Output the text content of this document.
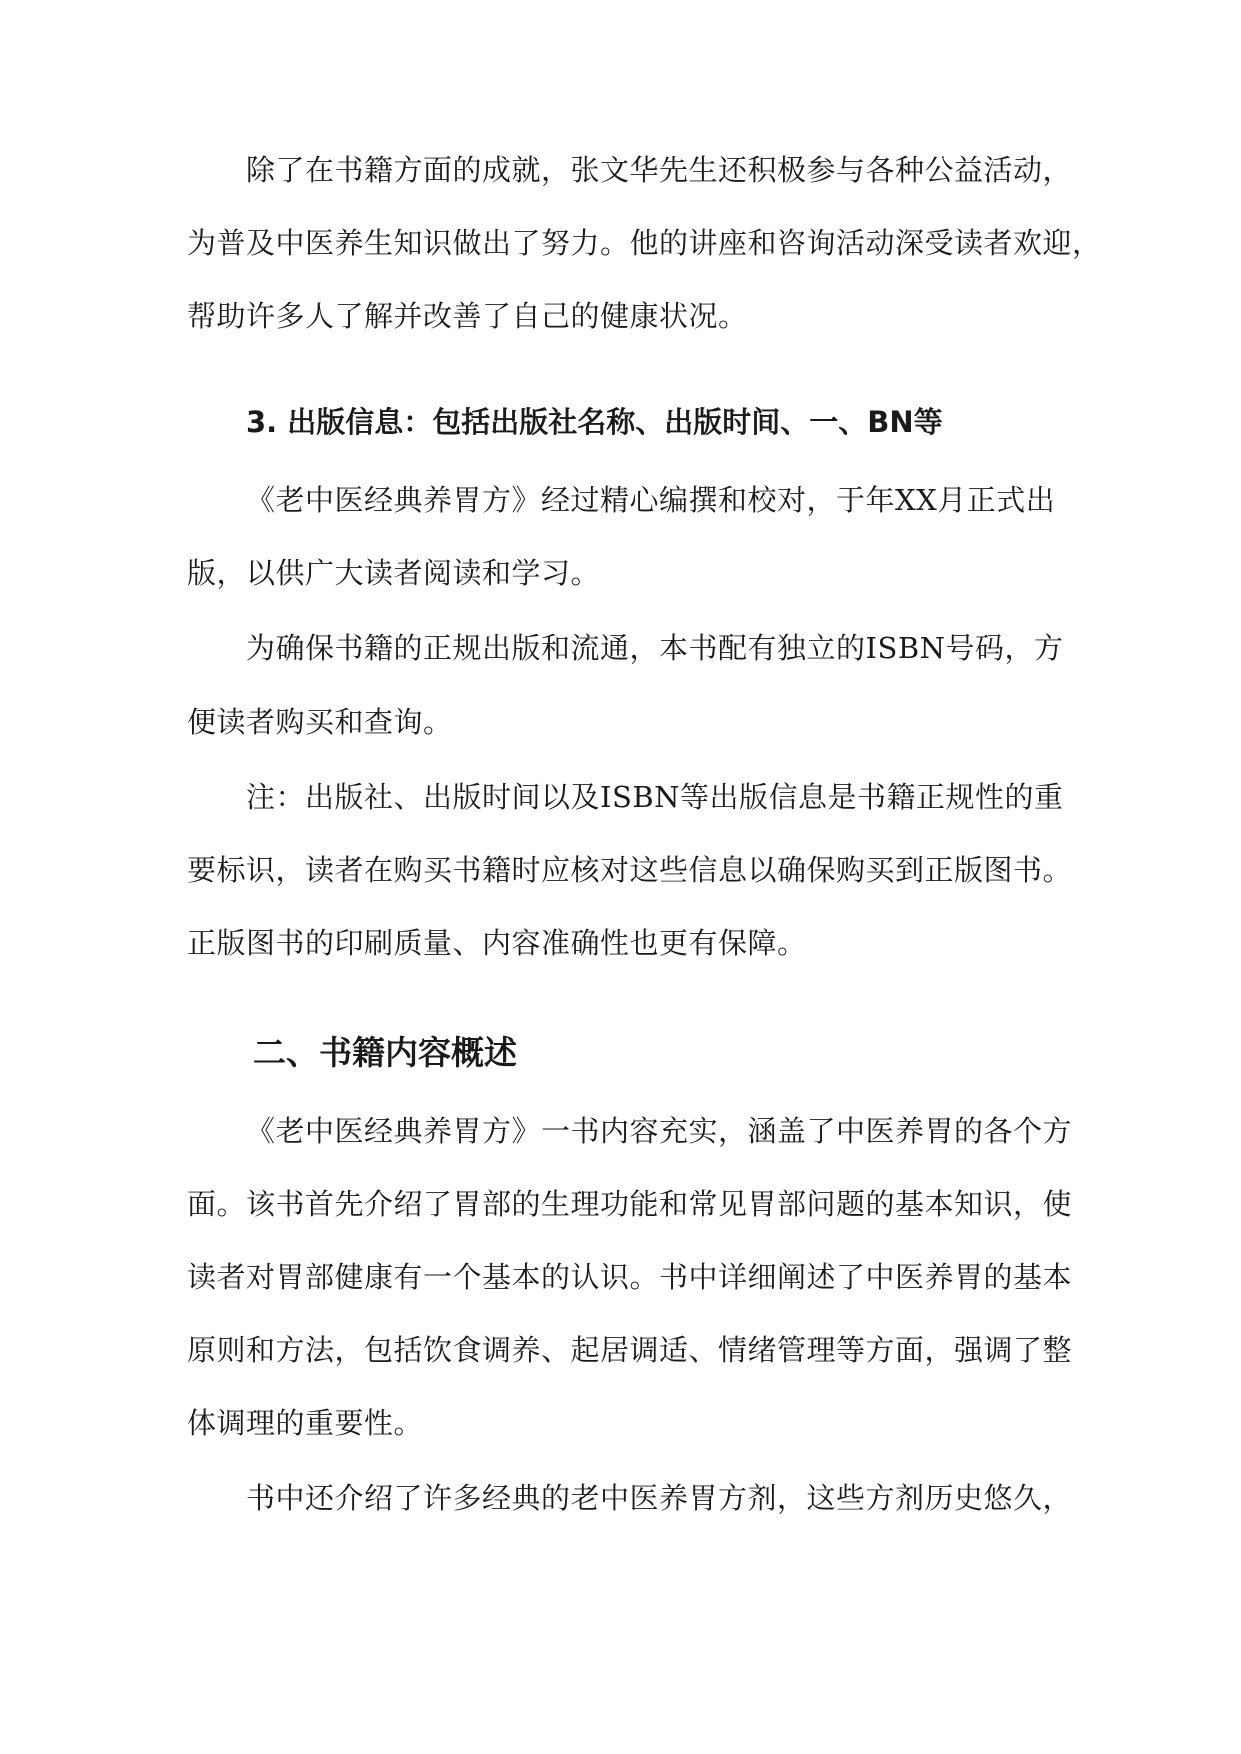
除了在书籍方面的成就，张文华先生还积极参与各种公益活动，
为普及中医养生知识做出了努力。他的讲座和咨询活动深受读者欢迎，
帮助许多人了解并改善了自己的健康状况。
3. 出版信息：包括出版社名称、出版时间、一、BN等
《老中医经典养胃方》经过精心编撰和校对，于年XX月正式出
版，以供广大读者阅读和学习。
为确保书籍的正规出版和流通，本书配有独立的ISBN号码，方
便读者购买和查询。
注：出版社、出版时间以及ISBN等出版信息是书籍正规性的重
要标识，读者在购买书籍时应核对这些信息以确保购买到正版图书。
正版图书的印刷质量、内容准确性也更有保障。
二、书籍内容概述
《老中医经典养胃方》一书内容充实，涵盖了中医养胃的各个方
面。该书首先介绍了胃部的生理功能和常见胃部问题的基本知识，使
读者对胃部健康有一个基本的认识。书中详细阐述了中医养胃的基本
原则和方法，包括饮食调养、起居调适、情绪管理等方面，强调了整
体调理的重要性。
书中还介绍了许多经典的老中医养胃方剂，这些方剂历史悠久，
